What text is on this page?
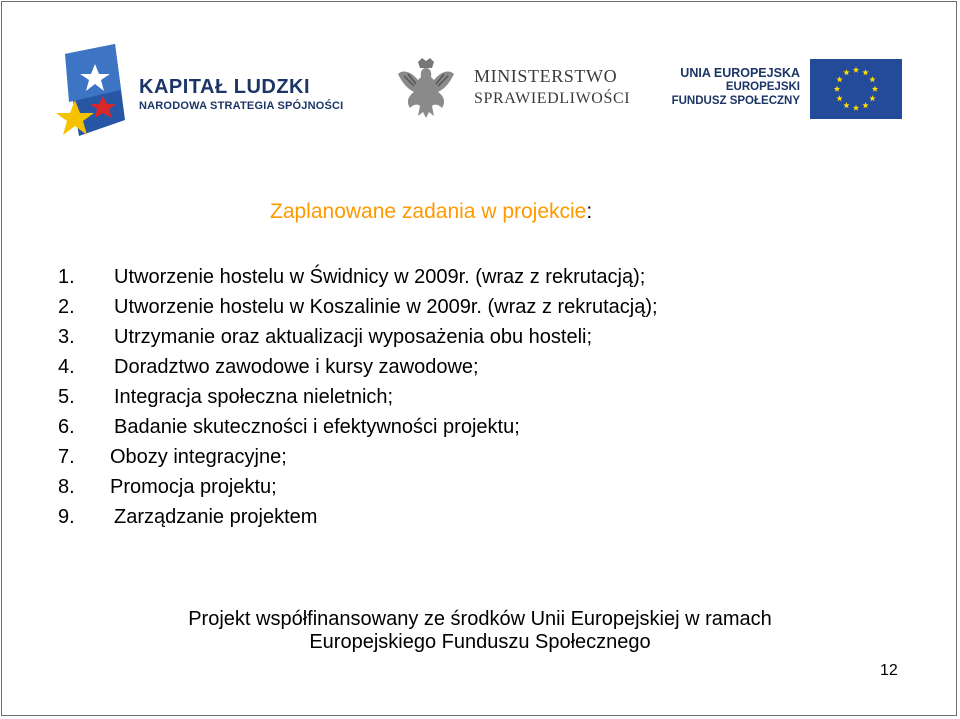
KAPITAŁ LUDZKI
NARODOWA STRATEGIA SPÓJNOŚCI
MINISTERSTWO
SPRAWIEDLIWOŚCI
UNIA EUROPEJSKA
EUROPEJSKI
FUNDUSZ SPOŁECZNY
Zaplanowane zadania w projekcie:
1.	Utworzenie hostelu w Świdnicy w 2009r. (wraz z rekrutacją);
2.	Utworzenie hostelu w Koszalinie w 2009r. (wraz z rekrutacją);
3.	Utrzymanie oraz aktualizacji wyposażenia obu hosteli;
4.	Doradztwo zawodowe i kursy zawodowe;
5.	Integracja społeczna nieletnich;
6.	Badanie skuteczności i efektywności projektu;
7.	Obozy integracyjne;
8.	Promocja projektu;
9.	Zarządzanie projektem
Projekt współfinansowany ze środków Unii Europejskiej w ramach
Europejskiego Funduszu Społecznego
12
